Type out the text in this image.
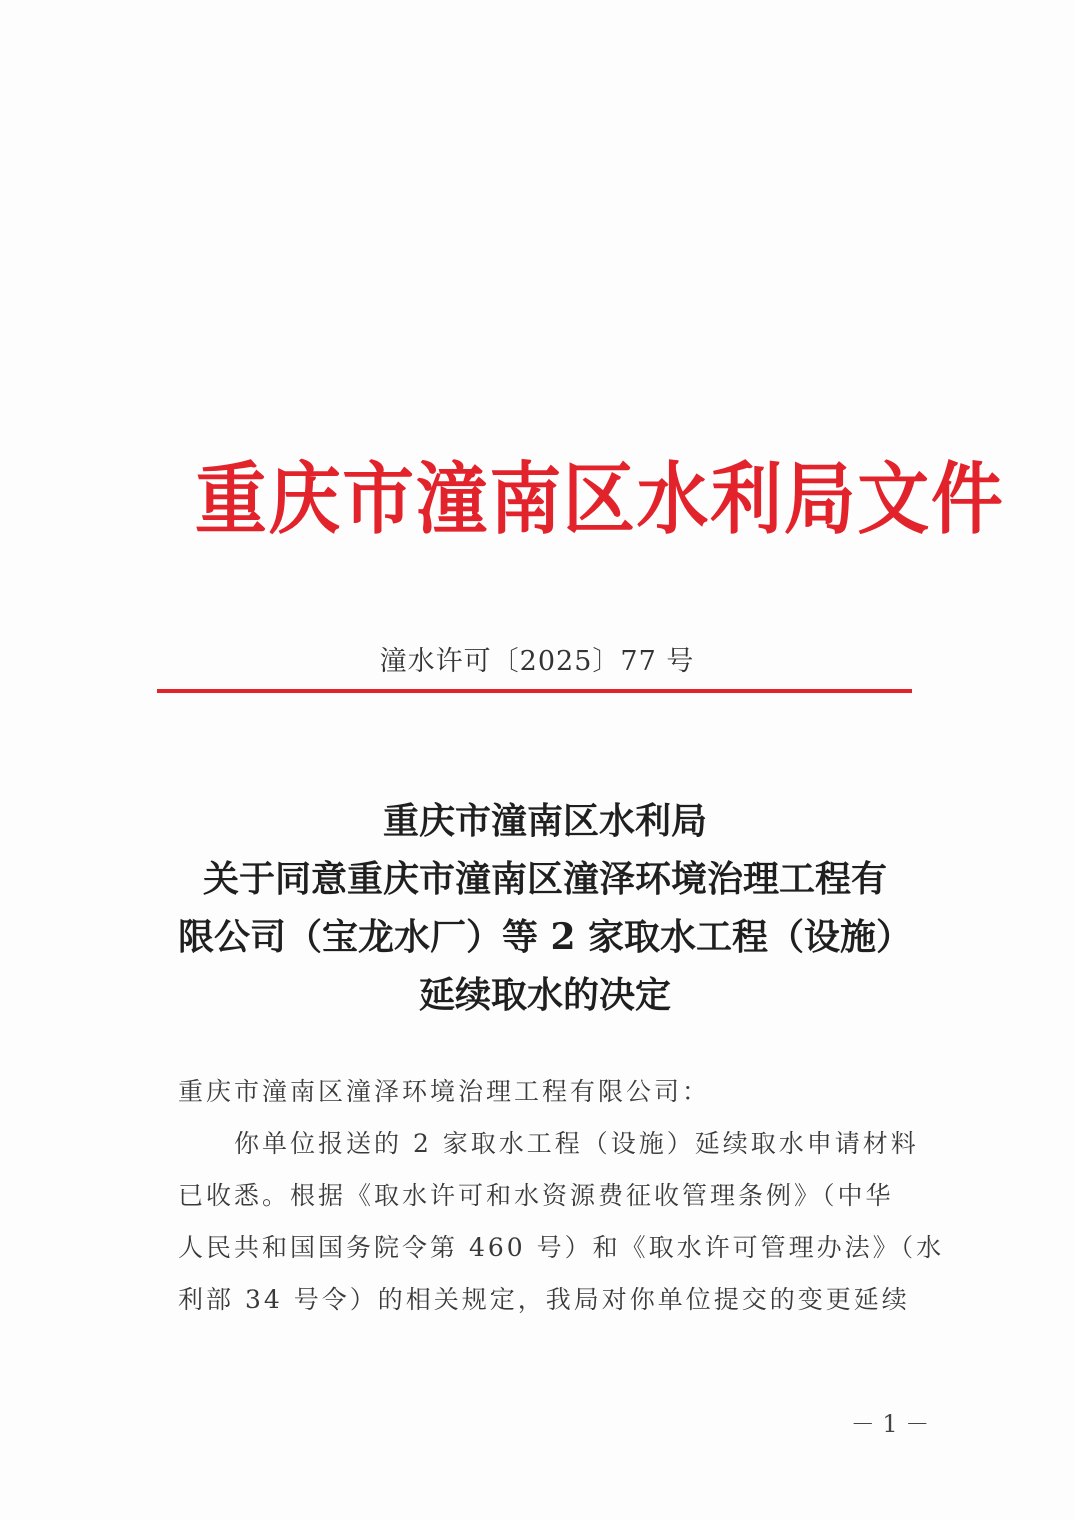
重庆市潼南区水利局文件
潼水许可〔2025〕77 号
重庆市潼南区水利局
关于同意重庆市潼南区潼泽环境治理工程有
限公司（宝龙水厂）等 2 家取水工程（设施）
延续取水的决定
重庆市潼南区潼泽环境治理工程有限公司：
你单位报送的 2 家取水工程（设施）延续取水申请材料
已收悉。根据《取水许可和水资源费征收管理条例》（中华
人民共和国国务院令第 460 号）和《取水许可管理办法》（水
利部 34 号令）的相关规定，我局对你单位提交的变更延续
－ 1 －
